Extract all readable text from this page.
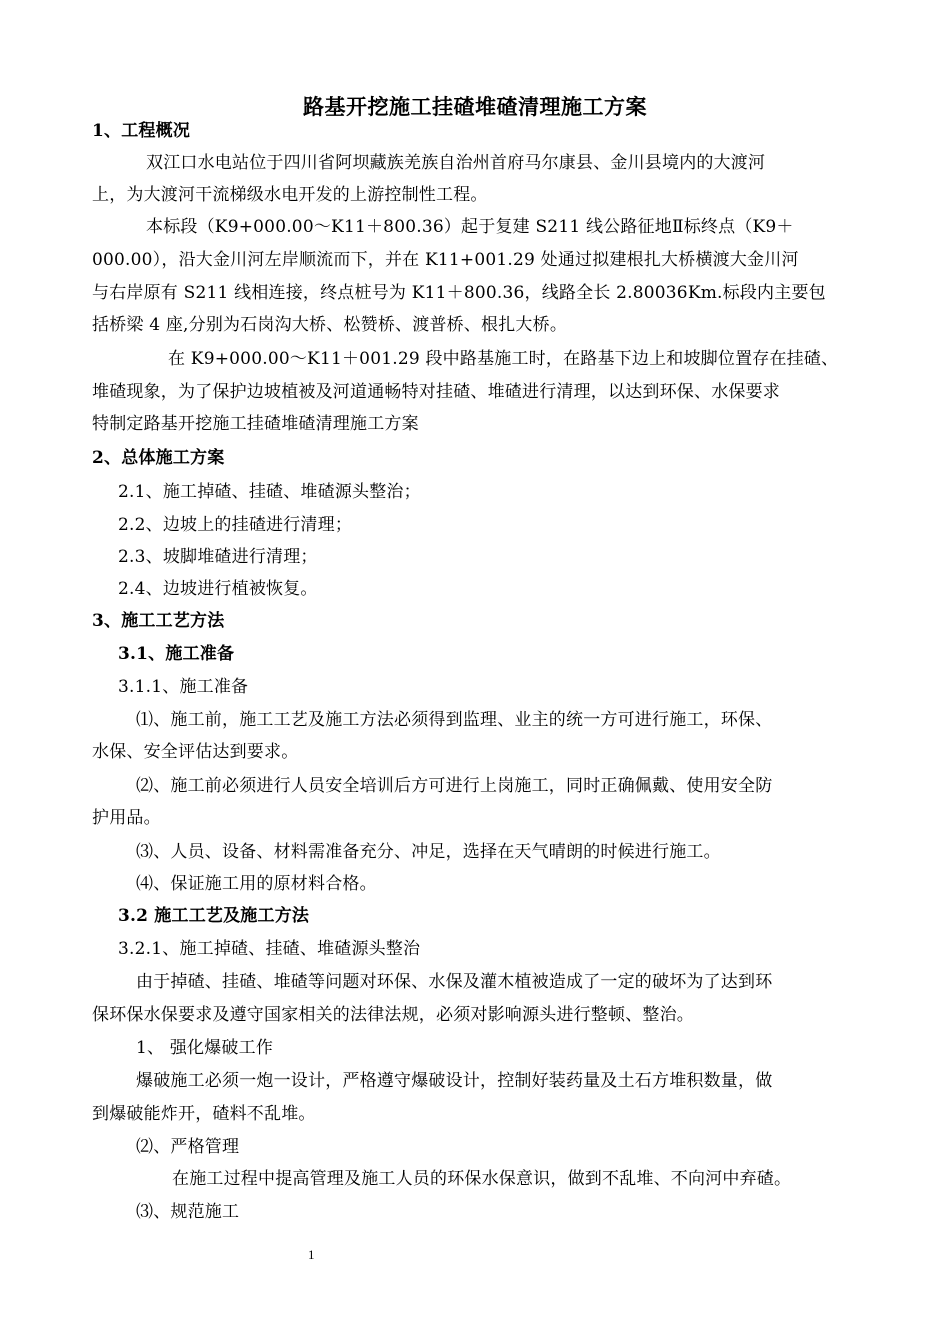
路基开挖施工挂碴堆碴清理施工方案
1、工程概况
双江口水电站位于四川省阿坝藏族羌族自治州首府马尔康县、金川县境内的大渡河
上，为大渡河干流梯级水电开发的上游控制性工程。
本标段（K9+000.00～K11＋800.36）起于复建 S211 线公路征地Ⅱ标终点（K9＋
000.00），沿大金川河左岸顺流而下，并在 K11+001.29 处通过拟建根扎大桥横渡大金川河
与右岸原有 S211 线相连接，终点桩号为 K11＋800.36，线路全长 2.80036Km.标段内主要包
括桥梁 4 座,分别为石岗沟大桥、松赞桥、渡普桥、根扎大桥。
在 K9+000.00～K11＋001.29 段中路基施工时，在路基下边上和坡脚位置存在挂碴、
堆碴现象，为了保护边坡植被及河道通畅特对挂碴、堆碴进行清理，以达到环保、水保要求
特制定路基开挖施工挂碴堆碴清理施工方案
2、总体施工方案
2.1、施工掉碴、挂碴、堆碴源头整治；
2.2、边坡上的挂碴进行清理；
2.3、坡脚堆碴进行清理；
2.4、边坡进行植被恢复。
3、施工工艺方法
3.1、施工准备
3.1.1、施工准备
⑴、施工前，施工工艺及施工方法必须得到监理、业主的统一方可进行施工，环保、
水保、安全评估达到要求。
⑵、施工前必须进行人员安全培训后方可进行上岗施工，同时正确佩戴、使用安全防
护用品。
⑶、人员、设备、材料需准备充分、冲足，选择在天气晴朗的时候进行施工。
⑷、保证施工用的原材料合格。
3.2 施工工艺及施工方法
3.2.1、施工掉碴、挂碴、堆碴源头整治
由于掉碴、挂碴、堆碴等问题对环保、水保及灌木植被造成了一定的破坏为了达到环
保环保水保要求及遵守国家相关的法律法规，必须对影响源头进行整顿、整治。
1、 强化爆破工作
爆破施工必须一炮一设计，严格遵守爆破设计，控制好装药量及土石方堆积数量，做
到爆破能炸开，碴料不乱堆。
⑵、严格管理
在施工过程中提高管理及施工人员的环保水保意识，做到不乱堆、不向河中弃碴。
⑶、规范施工
1
